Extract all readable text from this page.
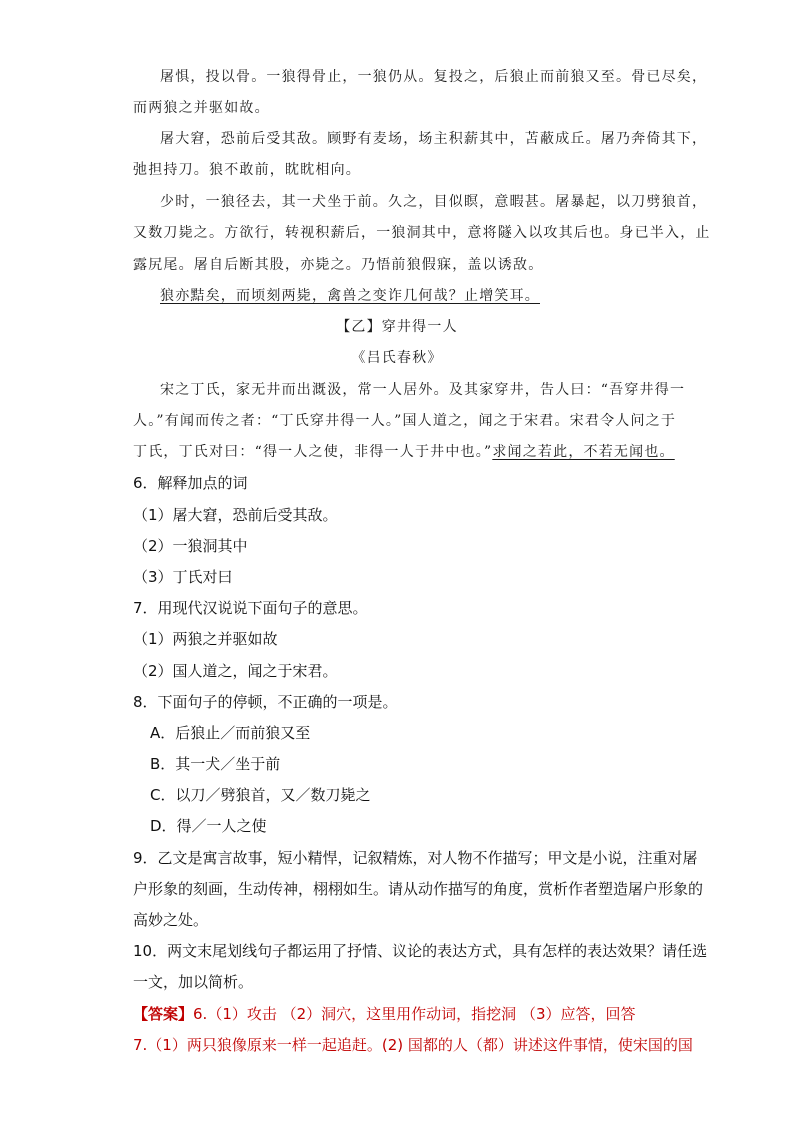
屠惧，投以骨。一狼得骨止，一狼仍从。复投之，后狼止而前狼又至。骨已尽矣，
而两狼之并驱如故。
屠大窘，恐前后受其敌。顾野有麦场，场主积薪其中，苫蔽成丘。屠乃奔倚其下，
弛担持刀。狼不敢前，眈眈相向。
少时，一狼径去，其一犬坐于前。久之，目似瞑，意暇甚。屠暴起，以刀劈狼首，
又数刀毙之。方欲行，转视积薪后，一狼洞其中，意将隧入以攻其后也。身已半入，止
露尻尾。屠自后断其股，亦毙之。乃悟前狼假寐，盖以诱敌。
狼亦黠矣，而顷刻两毙，禽兽之变诈几何哉？止增笑耳。
【乙】穿井得一人
《吕氏春秋》
宋之丁氏，家无井而出溉汲，常一人居外。及其家穿井，告人曰：“吾穿井得一
人。”有闻而传之者：“丁氏穿井得一人。”国人道之，闻之于宋君。宋君令人问之于
丁氏，丁氏对曰：“得一人之使，非得一人于井中也。”求闻之若此，不若无闻也。
6．解释加点的词
（1）屠大窘，恐前后受其敌。
（2）一狼洞其中
（3）丁氏对曰
7．用现代汉说说下面句子的意思。
（1）两狼之并驱如故
（2）国人道之，闻之于宋君。
8．下面句子的停顿，不正确的一项是。
A．后狼止／而前狼又至
B．其一犬／坐于前
C．以刀／劈狼首，又／数刀毙之
D．得／一人之使
9．乙文是寓言故事，短小精悍，记叙精炼，对人物不作描写；甲文是小说，注重对屠
户形象的刻画，生动传神，栩栩如生。请从动作描写的角度，赏析作者塑造屠户形象的
高妙之处。
10．两文末尾划线句子都运用了抒情、议论的表达方式，具有怎样的表达效果？请任选
一文，加以简析。
【答案】6.（1）攻击 （2）洞穴，这里用作动词，指挖洞 （3）应答，回答
7.（1）两只狼像原来一样一起追赶。(2) 国都的人（都）讲述这件事情，使宋国的国
